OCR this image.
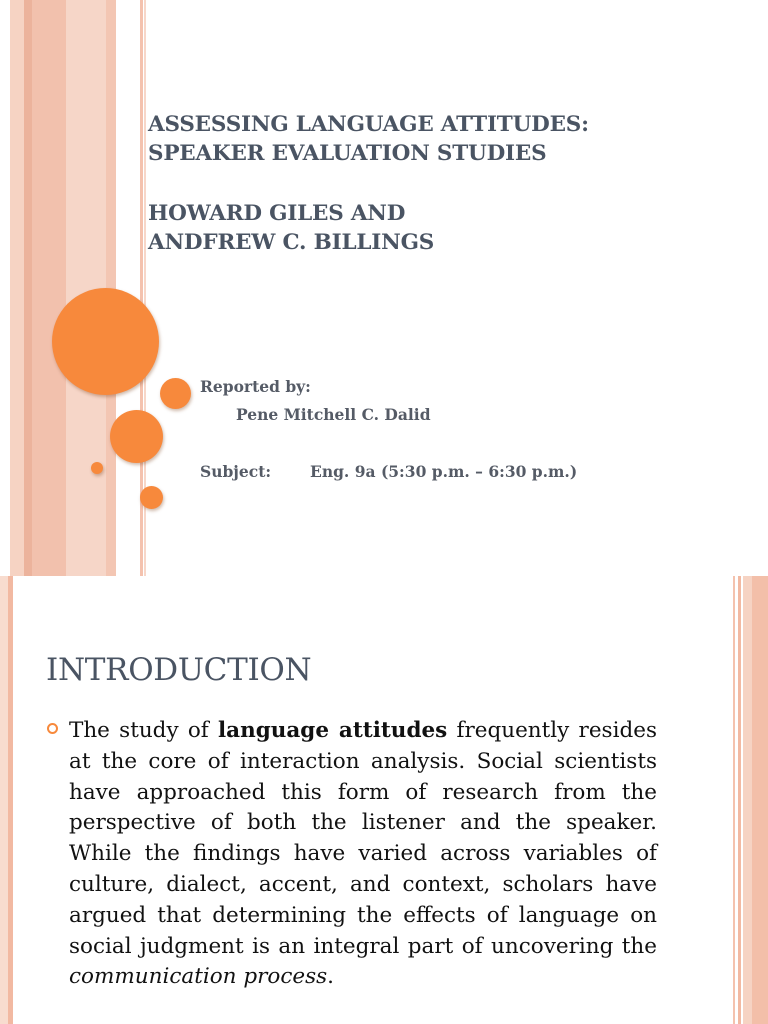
ASSESSING LANGUAGE ATTITUDES:
SPEAKER EVALUATION STUDIES
HOWARD GILES AND
ANDFREW C. BILLINGS
Reported by:
Pene Mitchell C. Dalid
Subject:	Eng. 9a (5:30 p.m. – 6:30 p.m.)
INTRODUCTION
The study of language attitudes frequently resides at the core of interaction analysis. Social scientists have approached this form of research from the perspective of both the listener and the speaker. While the findings have varied across variables of culture, dialect, accent, and context, scholars have argued that determining the effects of language on social judgment is an integral part of uncovering the communication process.
